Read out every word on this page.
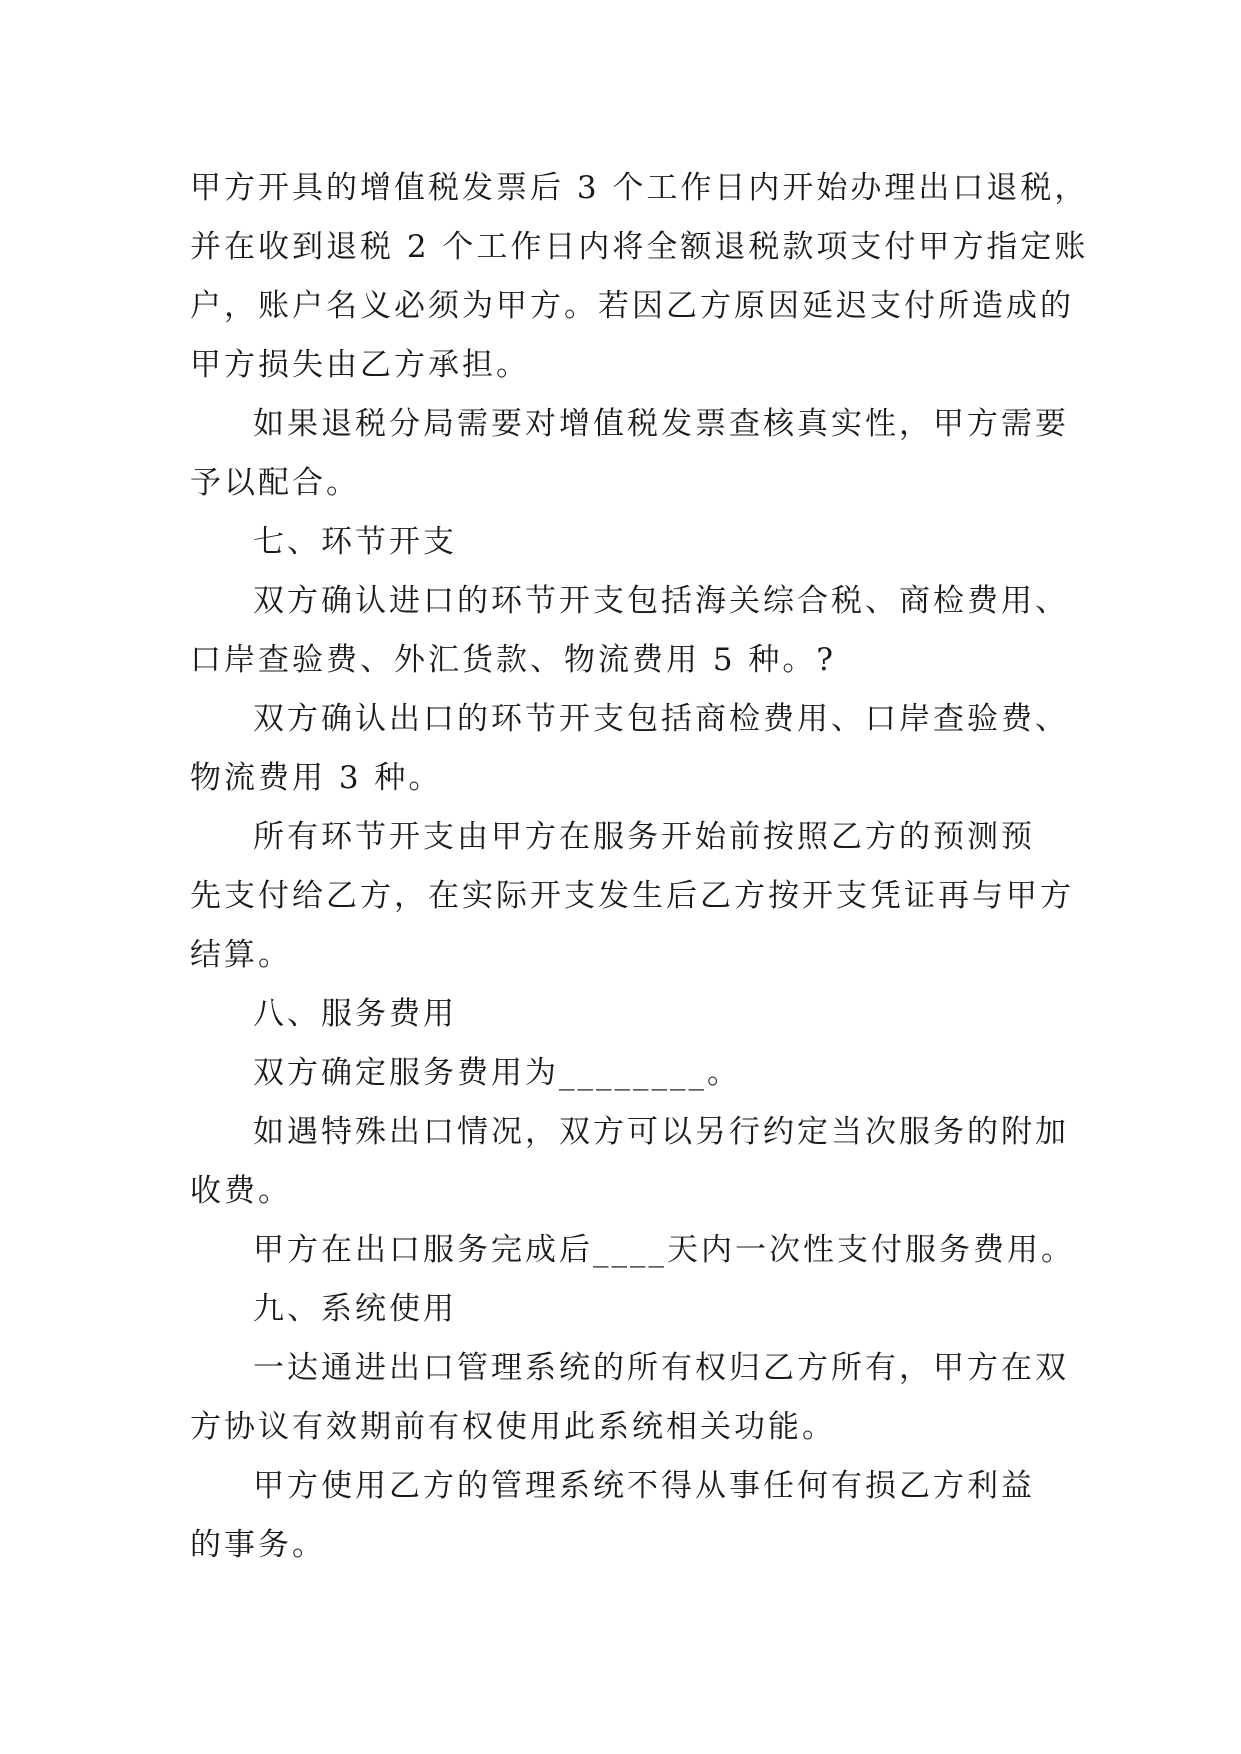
甲方开具的增值税发票后 3 个工作日内开始办理出口退税，
并在收到退税 2 个工作日内将全额退税款项支付甲方指定账
户，账户名义必须为甲方。若因乙方原因延迟支付所造成的
甲方损失由乙方承担。
如果退税分局需要对增值税发票查核真实性，甲方需要
予以配合。
七、环节开支
双方确认进口的环节开支包括海关综合税、商检费用、
口岸查验费、外汇货款、物流费用 5 种。?
双方确认出口的环节开支包括商检费用、口岸查验费、
物流费用 3 种。
所有环节开支由甲方在服务开始前按照乙方的预测预
先支付给乙方，在实际开支发生后乙方按开支凭证再与甲方
结算。
八、服务费用
双方确定服务费用为________。
如遇特殊出口情况，双方可以另行约定当次服务的附加
收费。
甲方在出口服务完成后____天内一次性支付服务费用。
九、系统使用
一达通进出口管理系统的所有权归乙方所有，甲方在双
方协议有效期前有权使用此系统相关功能。
甲方使用乙方的管理系统不得从事任何有损乙方利益
的事务。
